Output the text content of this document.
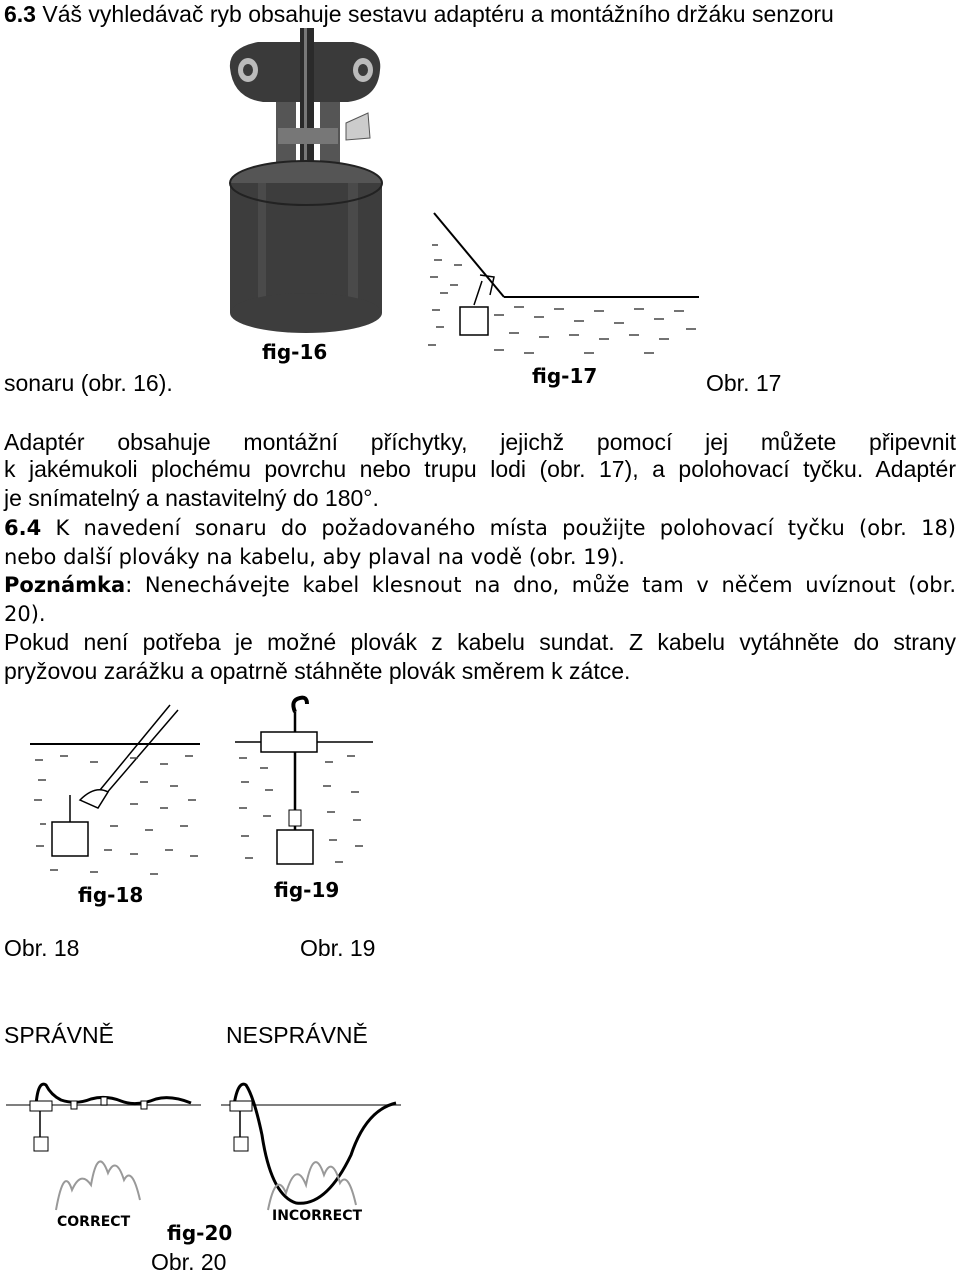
6.3 Váš vyhledávač ryb obsahuje sestavu adaptéru a montážního držáku senzoru
fig-16
fig-17
sonaru (obr. 16).	Obr. 17
Adaptér obsahuje montážní příchytky, jejichž pomocí jej můžete připevnit
k jakémukoli plochému povrchu nebo trupu lodi (obr. 17), a polohovací tyčku. Adaptér
je snímatelný a nastavitelný do 180°.
6.4 K navedení sonaru do požadovaného místa použijte polohovací tyčku (obr. 18)
nebo další plováky na kabelu, aby plaval na vodě (obr. 19).
Poznámka: Nenechávejte kabel klesnout na dno, může tam v něčem uvíznout (obr.
20).
Pokud není potřeba je možné plovák z kabelu sundat. Z kabelu vytáhněte do strany
pryžovou zarážku a opatrně stáhněte plovák směrem k zátce.
fig-18	fig-19
Obr. 18	Obr. 19
SPRÁVNĚ	NESPRÁVNĚ
CORRECT	INCORRECT
fig-20
Obr. 20
